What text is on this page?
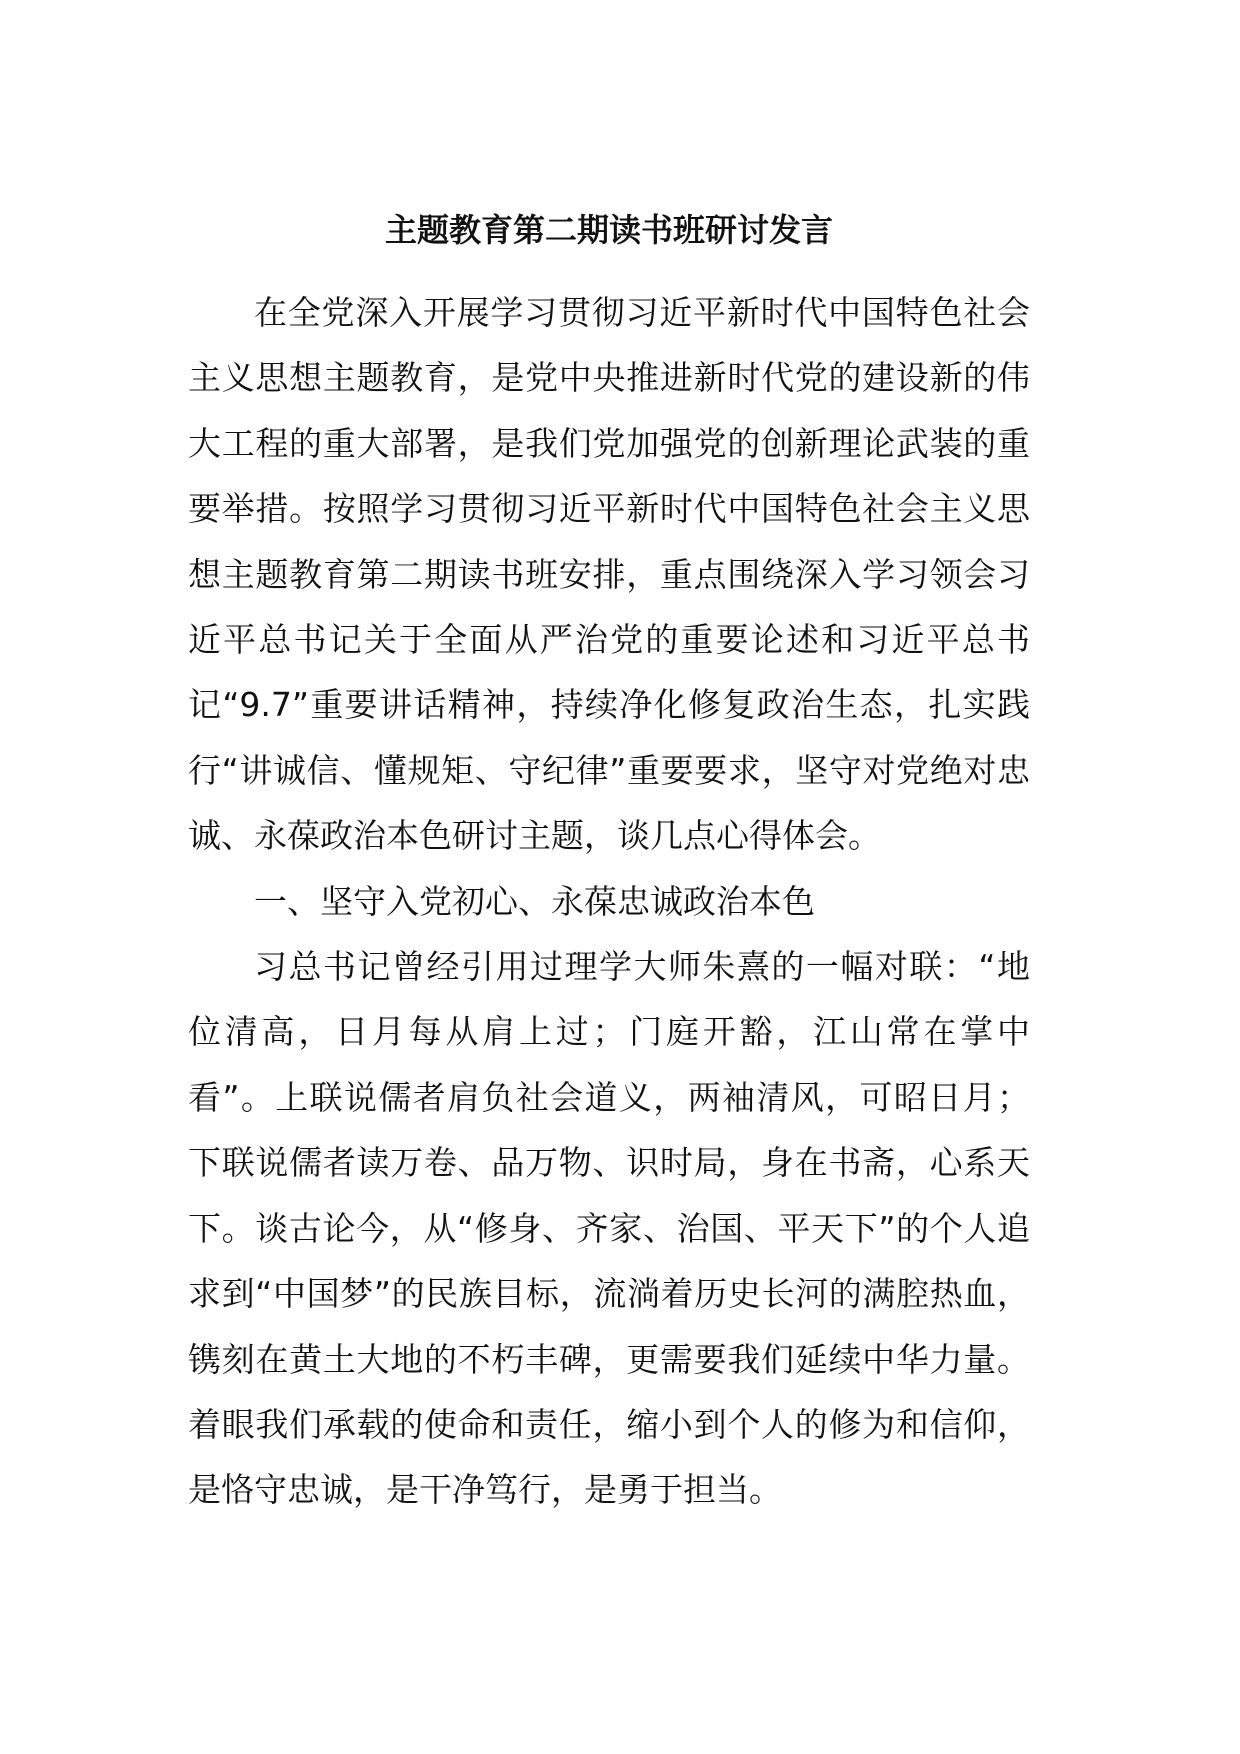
主题教育第二期读书班研讨发言

在全党深入开展学习贯彻习近平新时代中国特色社会主义思想主题教育，是党中央推进新时代党的建设新的伟大工程的重大部署，是我们党加强党的创新理论武装的重要举措。按照学习贯彻习近平新时代中国特色社会主义思想主题教育第二期读书班安排，重点围绕深入学习领会习近平总书记关于全面从严治党的重要论述和习近平总书记“9.7”重要讲话精神，持续净化修复政治生态，扎实践行“讲诚信、懂规矩、守纪律”重要要求，坚守对党绝对忠诚、永葆政治本色研讨主题，谈几点心得体会。

一、坚守入党初心、永葆忠诚政治本色

习总书记曾经引用过理学大师朱熹的一幅对联：“地位清高，日月每从肩上过；门庭开豁，江山常在掌中看”。上联说儒者肩负社会道义，两袖清风，可昭日月；下联说儒者读万卷、品万物、识时局，身在书斋，心系天下。谈古论今，从“修身、齐家、治国、平天下”的个人追求到“中国梦”的民族目标，流淌着历史长河的满腔热血，镌刻在黄土大地的不朽丰碑，更需要我们延续中华力量。着眼我们承载的使命和责任，缩小到个人的修为和信仰，是恪守忠诚，是干净笃行，是勇于担当。
